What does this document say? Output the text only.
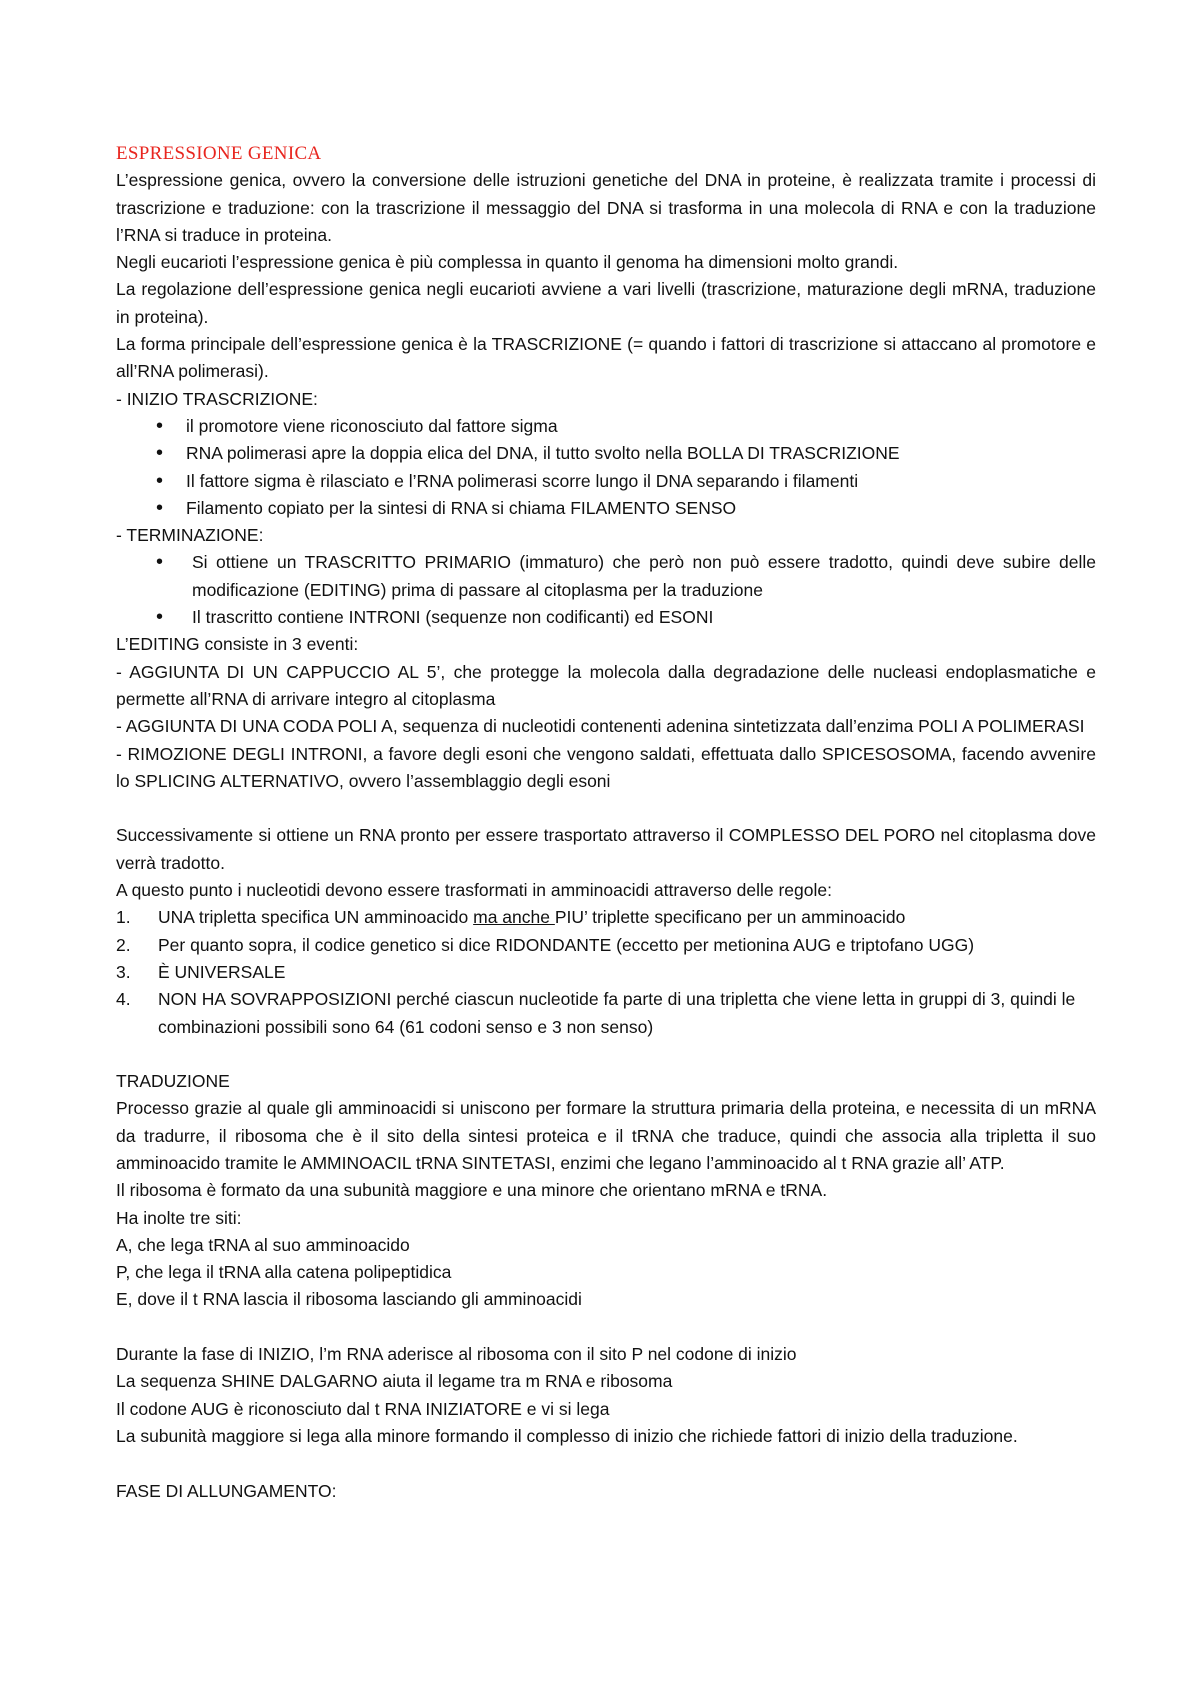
ESPRESSIONE GENICA

L’espressione genica, ovvero la conversione delle istruzioni genetiche del DNA in proteine, è realizzata tramite i processi di trascrizione e traduzione: con la trascrizione il messaggio del DNA si trasforma in una molecola di RNA e con la traduzione l’RNA si traduce in proteina.

Negli eucarioti l’espressione genica è più complessa in quanto il genoma ha dimensioni molto grandi.

La regolazione dell’espressione genica negli eucarioti avviene a vari livelli (trascrizione, maturazione degli mRNA, traduzione in proteina).

La forma principale dell’espressione genica è la TRASCRIZIONE (= quando i fattori di trascrizione si attaccano al promotore e all’RNA polimerasi).

- INIZIO TRASCRIZIONE:
• il promotore viene riconosciuto dal fattore sigma
• RNA polimerasi apre la doppia elica del DNA, il tutto svolto nella BOLLA DI TRASCRIZIONE
• Il fattore sigma è rilasciato e l’RNA polimerasi scorre lungo il DNA separando i filamenti
• Filamento copiato per la sintesi di RNA si chiama FILAMENTO SENSO
- TERMINAZIONE:
• Si ottiene un TRASCRITTO PRIMARIO (immaturo) che però non può essere tradotto, quindi deve subire delle modificazione (EDITING) prima di passare al citoplasma per la traduzione
• Il trascritto contiene INTRONI (sequenze non codificanti) ed ESONI
L’EDITING consiste in 3 eventi:

- AGGIUNTA DI UN CAPPUCCIO AL 5’, che protegge la molecola dalla degradazione delle nucleasi endoplasmatiche e permette all’RNA di arrivare integro al citoplasma

- AGGIUNTA DI UNA CODA POLI A, sequenza di nucleotidi contenenti adenina sintetizzata dall’enzima POLI A POLIMERASI

- RIMOZIONE DEGLI INTRONI, a favore degli esoni che vengono saldati, effettuata dallo SPICESOSOMA, facendo avvenire lo SPLICING ALTERNATIVO, ovvero l’assemblaggio degli esoni

Successivamente si ottiene un RNA pronto per essere trasportato attraverso il COMPLESSO DEL PORO nel citoplasma dove verrà tradotto.

A questo punto i nucleotidi devono essere trasformati in amminoacidi attraverso delle regole:

1. UNA tripletta specifica UN amminoacido ma anche PIU’ triplette specificano per un amminoacido
2. Per quanto sopra, il codice genetico si dice RIDONDANTE (eccetto per metionina AUG e triptofano UGG)
3. È UNIVERSALE
4. NON HA SOVRAPPOSIZIONI perché ciascun nucleotide fa parte di una tripletta che viene letta in gruppi di 3, quindi le combinazioni possibili sono 64 (61 codoni senso e 3 non senso)
TRADUZIONE

Processo grazie al quale gli amminoacidi si uniscono per formare la struttura primaria della proteina, e necessita di un mRNA da tradurre, il ribosoma che è il sito della sintesi proteica e il tRNA che traduce, quindi che associa alla tripletta il suo amminoacido tramite le AMMINOACIL tRNA SINTETASI, enzimi che legano l’amminoacido al t RNA grazie all’ ATP.

Il ribosoma è formato da una subunità maggiore e una minore che orientano mRNA e tRNA.

Ha inolte tre siti:

A, che lega tRNA al suo amminoacido

P, che lega il tRNA alla catena polipeptidica

E, dove il t RNA lascia il ribosoma lasciando gli amminoacidi

Durante la fase di INIZIO, l’m RNA aderisce al ribosoma con il sito P nel codone di inizio

La sequenza SHINE DALGARNO aiuta il legame tra m RNA e ribosoma

Il codone AUG è riconosciuto dal t RNA INIZIATORE e vi si lega

La subunità maggiore si lega alla minore formando il complesso di inizio che richiede fattori di inizio della traduzione.

FASE DI ALLUNGAMENTO:
